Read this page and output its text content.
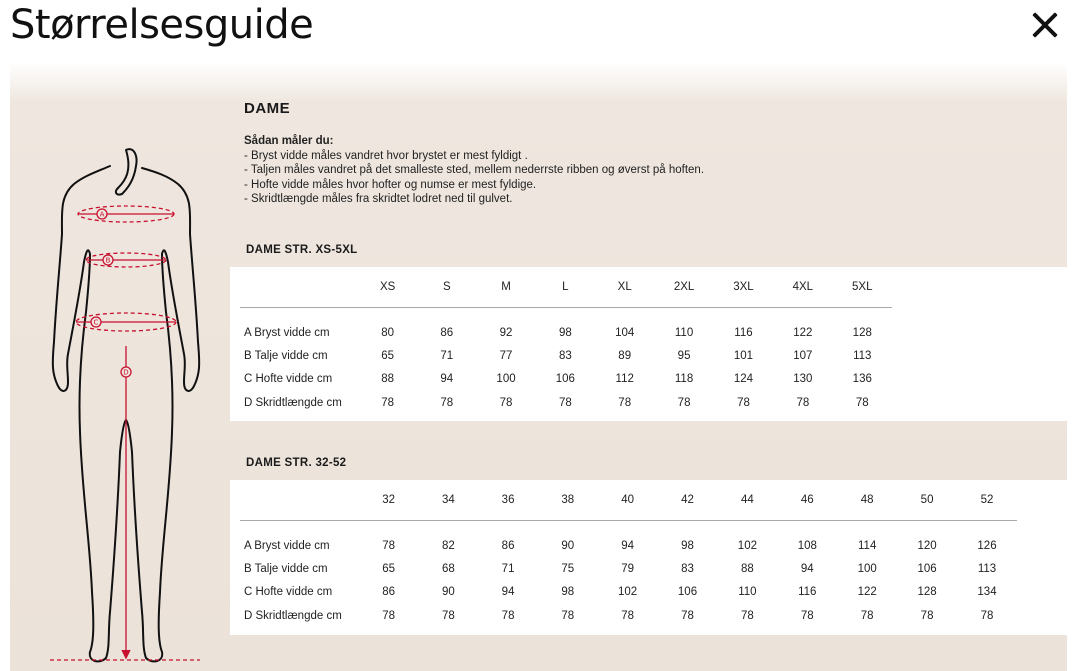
Størrelsesguide
A
B
C
D
DAME
Sådan måler du:
- Bryst vidde måles vandret hvor brystet er mest fyldigt .
- Taljen måles vandret på det smalleste sted, mellem nederrste ribben og øverst på hoften.
- Hofte vidde måles hvor hofter og numse er mest fyldige.
- Skridtlængde måles fra skridtet lodret ned til gulvet.
DAME STR. XS-5XL
	XS	S	M	L	XL	2XL	3XL	4XL	5XL
A Bryst vidde cm	80	86	92	98	104	110	116	122	128
B Talje vidde cm	65	71	77	83	89	95	101	107	113
C Hofte vidde cm	88	94	100	106	112	118	124	130	136
D Skridtlængde cm	78	78	78	78	78	78	78	78	78
DAME STR. 32-52
	32	34	36	38	40	42	44	46	48	50	52
A Bryst vidde cm	78	82	86	90	94	98	102	108	114	120	126
B Talje vidde cm	65	68	71	75	79	83	88	94	100	106	113
C Hofte vidde cm	86	90	94	98	102	106	110	116	122	128	134
D Skridtlængde cm	78	78	78	78	78	78	78	78	78	78	78
